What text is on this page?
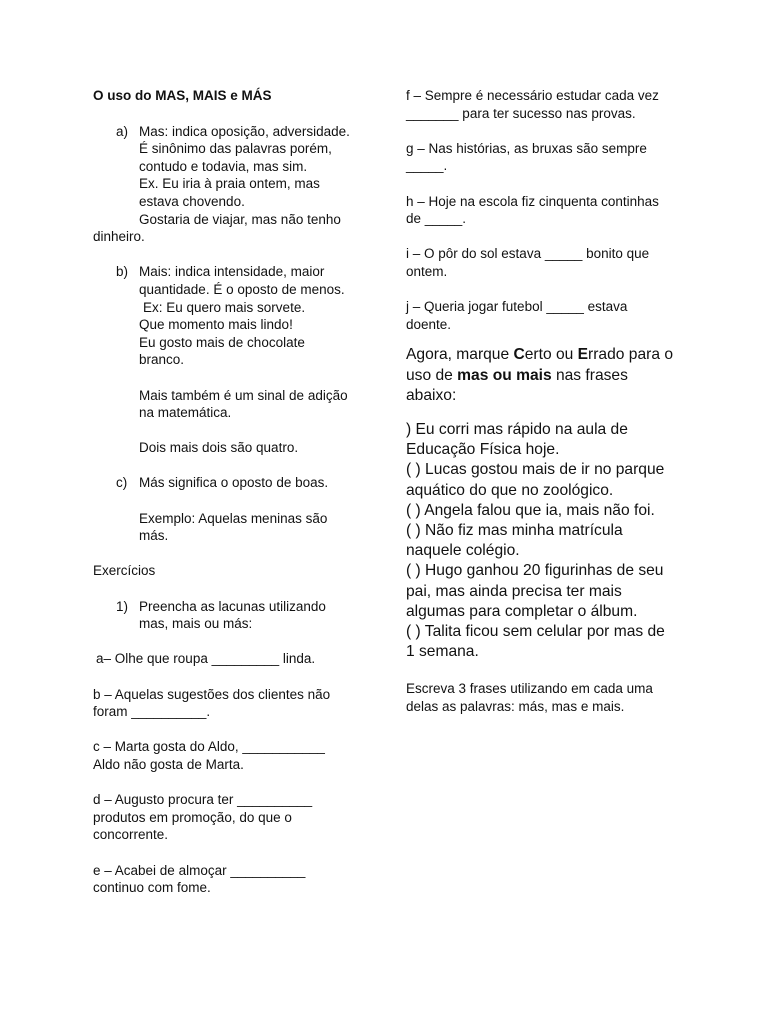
O uso do MAS, MAIS e MÁS

a) Mas: indica oposição, adversidade.

É sinônimo das palavras porém,

contudo e todavia, mas sim.

Ex. Eu iria à praia ontem, mas

estava chovendo.

Gostaria de viajar, mas não tenho

dinheiro.

b) Mais: indica intensidade, maior

quantidade. É o oposto de menos.

Ex: Eu quero mais sorvete.

Que momento mais lindo!

Eu gosto mais de chocolate

branco.

Mais também é um sinal de adição

na matemática.

Dois mais dois são quatro.

c) Más significa o oposto de boas.

Exemplo: Aquelas meninas são

más.

Exercícios

1) Preencha as lacunas utilizando

mas, mais ou más:

a– Olhe que roupa _________ linda.

b – Aquelas sugestões dos clientes não

foram __________.

c – Marta gosta do Aldo, ___________

Aldo não gosta de Marta.

d – Augusto procura ter __________

produtos em promoção, do que o

concorrente.

e – Acabei de almoçar __________

continuo com fome.

f – Sempre é necessário estudar cada vez

_______ para ter sucesso nas provas.

g – Nas histórias, as bruxas são sempre

_____.

h – Hoje na escola fiz cinquenta continhas

de _____.

i – O pôr do sol estava _____ bonito que

ontem.

j – Queria jogar futebol _____ estava

doente.

Agora, marque Certo ou Errado para o

uso de mas ou mais nas frases abaixo:

) Eu corri mas rápido na aula de

Educação Física hoje.

( ) Lucas gostou mais de ir no parque

aquático do que no zoológico.

( ) Angela falou que ia, mais não foi.

( ) Não fiz mas minha matrícula

naquele colégio.

( ) Hugo ganhou 20 figurinhas de seu

pai, mas ainda precisa ter mais

algumas para completar o álbum.

( ) Talita ficou sem celular por mas de

1 semana.

Escreva 3 frases utilizando em cada uma

delas as palavras: más, mas e mais.
